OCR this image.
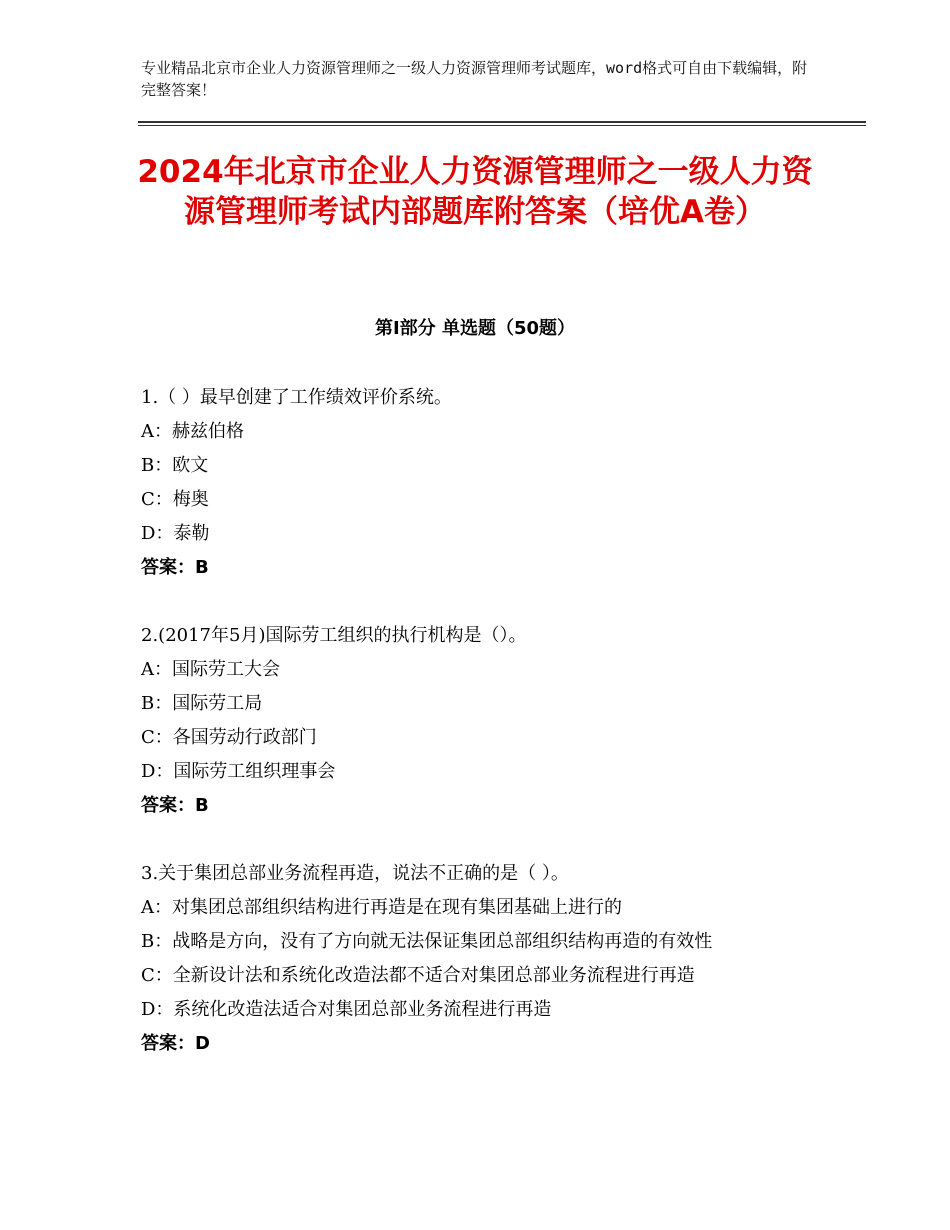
专业精品北京市企业人力资源管理师之一级人力资源管理师考试题库，word格式可自由下载编辑，附完整答案！
2024年北京市企业人力资源管理师之一级人力资源管理师考试内部题库附答案（培优A卷）
第Ⅰ部分 单选题（50题）

1.（ ）最早创建了工作绩效评价系统。

A：赫兹伯格

B：欧文

C：梅奥

D：泰勒

答案：B

2.(2017年5月)国际劳工组织的执行机构是（）。

A：国际劳工大会

B：国际劳工局

C：各国劳动行政部门

D：国际劳工组织理事会

答案：B

3.关于集团总部业务流程再造，说法不正确的是（ ）。

A：对集团总部组织结构进行再造是在现有集团基础上进行的

B：战略是方向，没有了方向就无法保证集团总部组织结构再造的有效性

C：全新设计法和系统化改造法都不适合对集团总部业务流程进行再造

D：系统化改造法适合对集团总部业务流程进行再造

答案：D
